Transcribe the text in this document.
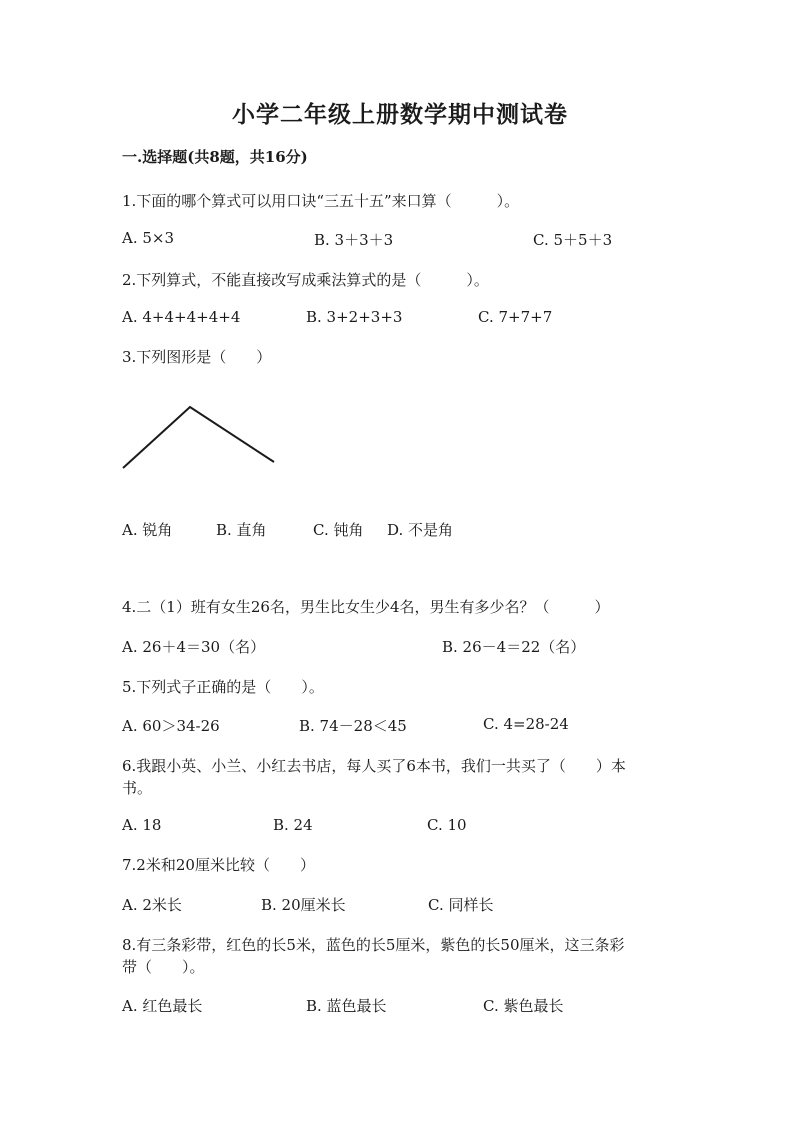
小学二年级上册数学期中测试卷
一.选择题(共8题，共16分)
1.下面的哪个算式可以用口诀“三五十五”来口算（　　　）。
A. 5×3	B. 3＋3＋3	C. 5＋5＋3
2.下列算式，不能直接改写成乘法算式的是（　　　）。
A. 4+4+4+4+4	B. 3+2+3+3	C. 7+7+7
3.下列图形是（　　）
A. 锐角	B. 直角	C. 钝角 D. 不是角
4.二（1）班有女生26名，男生比女生少4名，男生有多少名？（　　　）
A. 26＋4＝30（名）	B. 26－4＝22（名）
5.下列式子正确的是（　　）。
A. 60＞34-26	B. 74－28＜45	C. 4=28-24
6.我跟小英、小兰、小红去书店，每人买了6本书，我们一共买了（　　）本
书。
A. 18	B. 24	C. 10
7.2米和20厘米比较（　　）
A. 2米长	B. 20厘米长	C. 同样长
8.有三条彩带，红色的长5米，蓝色的长5厘米，紫色的长50厘米，这三条彩
带（　　）。
A. 红色最长	B. 蓝色最长	C. 紫色最长
